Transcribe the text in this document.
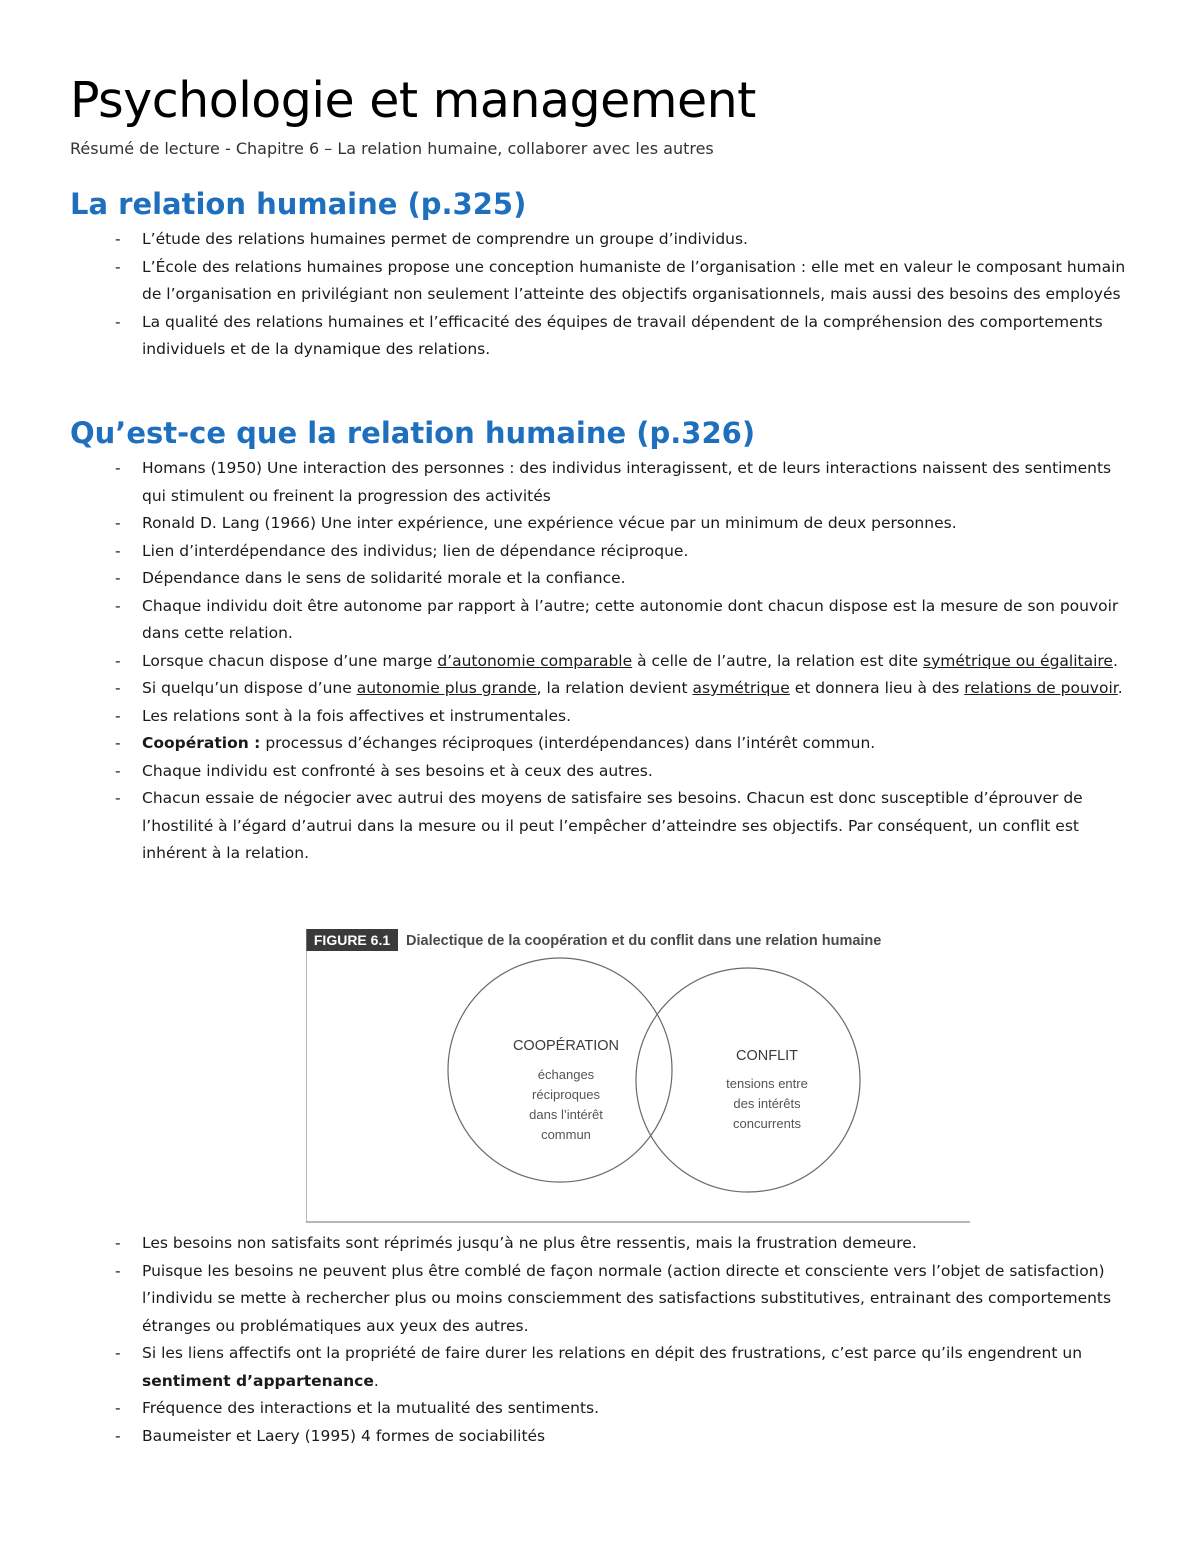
Psychologie et management

Résumé de lecture - Chapitre 6 – La relation humaine, collaborer avec les autres

La relation humaine (p.325)
- L’étude des relations humaines permet de comprendre un groupe d’individus.
- L’École des relations humaines propose une conception humaniste de l’organisation : elle met en valeur le composant humain de l’organisation en privilégiant non seulement l’atteinte des objectifs organisationnels, mais aussi des besoins des employés
- La qualité des relations humaines et l’efficacité des équipes de travail dépendent de la compréhension des comportements individuels et de la dynamique des relations.
Qu’est-ce que la relation humaine (p.326)
- Homans (1950) Une interaction des personnes : des individus interagissent, et de leurs interactions naissent des sentiments qui stimulent ou freinent la progression des activités
- Ronald D. Lang (1966) Une inter expérience, une expérience vécue par un minimum de deux personnes.
- Lien d’interdépendance des individus; lien de dépendance réciproque.
- Dépendance dans le sens de solidarité morale et la confiance.
- Chaque individu doit être autonome par rapport à l’autre; cette autonomie dont chacun dispose est la mesure de son pouvoir dans cette relation.
- Lorsque chacun dispose d’une marge d’autonomie comparable à celle de l’autre, la relation est dite symétrique ou égalitaire.
- Si quelqu’un dispose d’une autonomie plus grande, la relation devient asymétrique et donnera lieu à des relations de pouvoir.
- Les relations sont à la fois affectives et instrumentales.
- Coopération : processus d’échanges réciproques (interdépendances) dans l’intérêt commun.
- Chaque individu est confronté à ses besoins et à ceux des autres.
- Chacun essaie de négocier avec autrui des moyens de satisfaire ses besoins. Chacun est donc susceptible d’éprouver de l’hostilité à l’égard d’autrui dans la mesure ou il peut l’empêcher d’atteindre ses objectifs. Par conséquent, un conflit est inhérent à la relation.
FIGURE 6.1 Dialectique de la coopération et du conflit dans une relation humaine
COOPÉRATION
échanges
réciproques
dans l’intérêt
commun
CONFLIT
tensions entre
des intérêts
concurrents
- Les besoins non satisfaits sont réprimés jusqu’à ne plus être ressentis, mais la frustration demeure.
- Puisque les besoins ne peuvent plus être comblé de façon normale (action directe et consciente vers l’objet de satisfaction) l’individu se mette à rechercher plus ou moins consciemment des satisfactions substitutives, entrainant des comportements étranges ou problématiques aux yeux des autres.
- Si les liens affectifs ont la propriété de faire durer les relations en dépit des frustrations, c’est parce qu’ils engendrent un sentiment d’appartenance.
- Fréquence des interactions et la mutualité des sentiments.
- Baumeister et Laery (1995) 4 formes de sociabilités
